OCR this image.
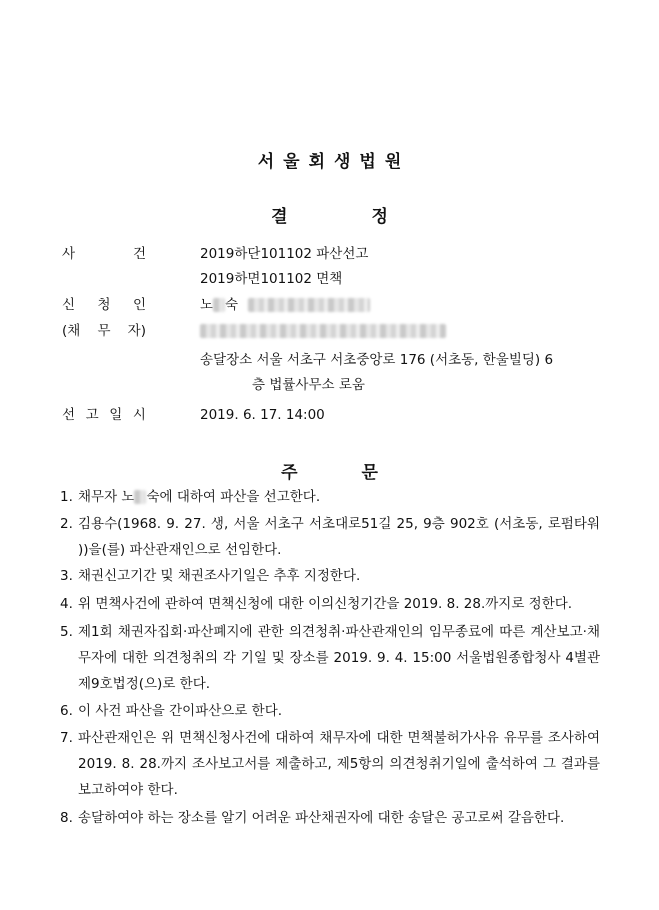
서울회생법원
결	정
사	건	2019하단101102 파산선고
2019하면101102 면책
신 청 인	노 숙
(채 무 자)
송달장소 서울 서초구 서초중앙로 176 (서초동, 한울빌딩) 6
층 법률사무소 로움
선 고 일 시	2019. 6. 17. 14:00
주	문
1. 채무자 노 숙에 대하여 파산을 선고한다.
2. 김용수(1968. 9. 27. 생, 서울 서초구 서초대로51길 25, 9층 902호 (서초동, 로펌타워 ))을(를) 파산관재인으로 선임한다.
3. 채권신고기간 및 채권조사기일은 추후 지정한다.
4. 위 면책사건에 관하여 면책신청에 대한 이의신청기간을 2019. 8. 28.까지로 정한다.
5. 제1회 채권자집회·파산폐지에 관한 의견청취·파산관재인의 임무종료에 따른 계산보고·채무자에 대한 의견청취의 각 기일 및 장소를 2019. 9. 4. 15:00 서울법원종합청사 4별관 제9호법정(으)로 한다.
6. 이 사건 파산을 간이파산으로 한다.
7. 파산관재인은 위 면책신청사건에 대하여 채무자에 대한 면책불허가사유 유무를 조사하여 2019. 8. 28.까지 조사보고서를 제출하고, 제5항의 의견청취기일에 출석하여 그 결과를 보고하여야 한다.
8. 송달하여야 하는 장소를 알기 어려운 파산채권자에 대한 송달은 공고로써 갈음한다.
